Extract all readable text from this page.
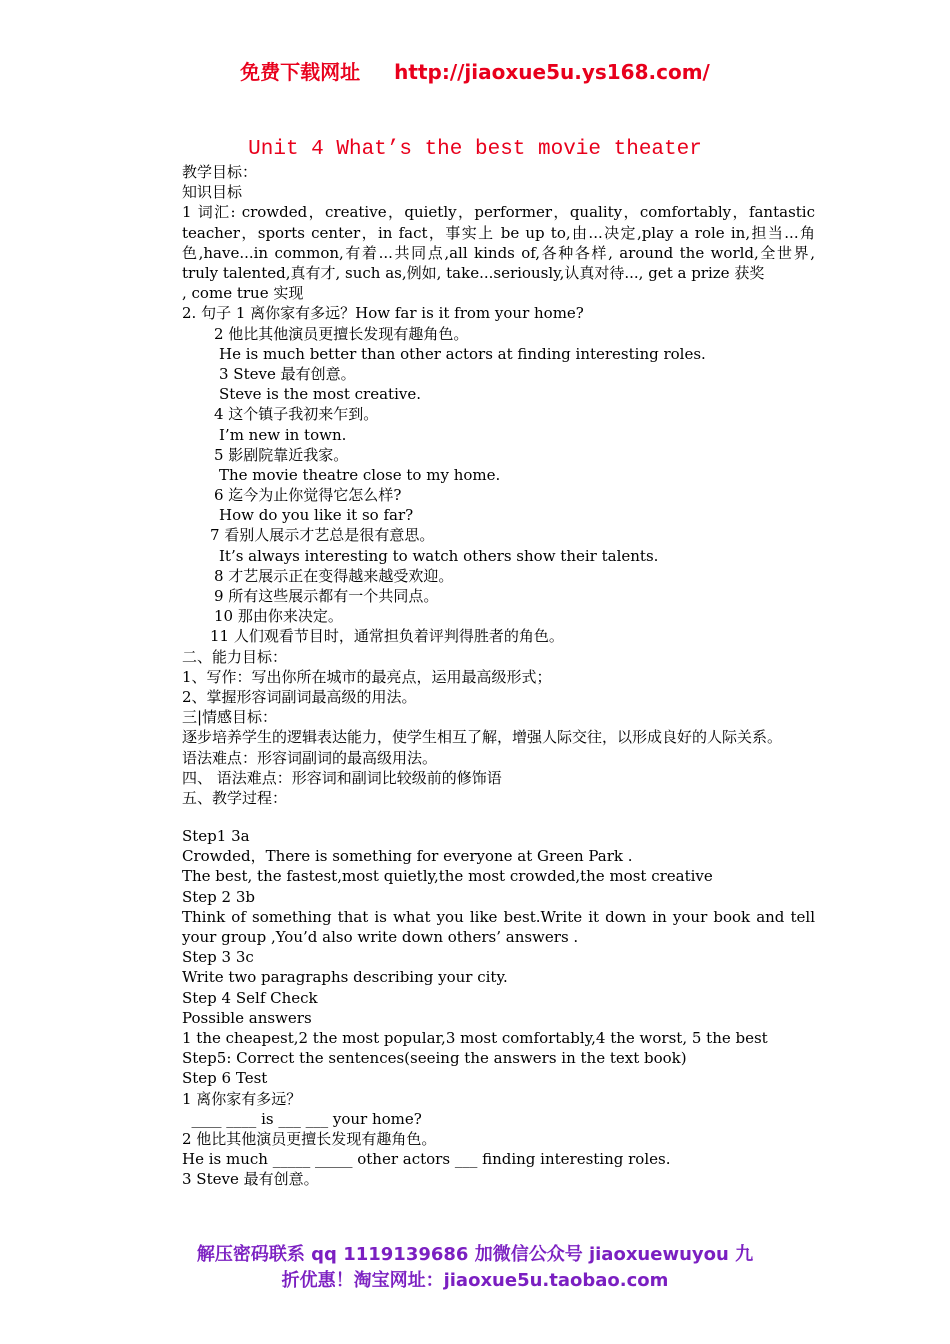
免费下载网址 http://jiaoxue5u.ys168.com/
Unit 4 What’s the best movie theater
教学目标：
知识目标
1 词汇: crowded，creative，quietly，performer，quality，comfortably，fantastic teacher，sports center，in fact，事实上 be up to,由...决定,play a role in,担当...角色,have...in common,有着...共同点,all kinds of,各种各样, around the world,全世界, truly talented,真有才, such as,例如, take...seriously,认真对待..., get a prize 获奖
, come true 实现
2. 句子 1 离你家有多远？How far is it from your home?
2 他比其他演员更擅长发现有趣角色。
He is much better than other actors at finding interesting roles.
3 Steve 最有创意。
Steve is the most creative.
4 这个镇子我初来乍到。
I’m new in town.
5 影剧院靠近我家。
The movie theatre close to my home.
6 迄今为止你觉得它怎么样?
How do you like it so far?
7 看别人展示才艺总是很有意思。
It’s always interesting to watch others show their talents.
8 才艺展示正在变得越来越受欢迎。
9 所有这些展示都有一个共同点。
10 那由你来决定。
11 人们观看节目时，通常担负着评判得胜者的角色。
二、能力目标：
1、写作：写出你所在城市的最亮点，运用最高级形式；
2、掌握形容词副词最高级的用法。
三|情感目标：
逐步培养学生的逻辑表达能力，使学生相互了解，增强人际交往，以形成良好的人际关系。
语法难点：形容词副词的最高级用法。
四、 语法难点：形容词和副词比较级前的修饰语
五、教学过程：
Step1 3a
Crowded，There is something for everyone at Green Park .
The best, the fastest,most quietly,the most crowded,the most creative
Step 2 3b
Think of something that is what you like best.Write it down in your book and tell your group ,You’d also write down others’ answers .
Step 3 3c
Write two paragraphs describing your city.
Step 4 Self Check
Possible answers
1 the cheapest,2 the most popular,3 most comfortably,4 the worst, 5 the best
Step5: Correct the sentences(seeing the answers in the text book)
Step 6 Test
1 离你家有多远？
____ ____ is ___ ___ your home?
2 他比其他演员更擅长发现有趣角色。
He is much _____ _____ other actors ___ finding interesting roles.
3 Steve 最有创意。
解压密码联系 qq 1119139686 加微信公众号 jiaoxuewuyou 九
折优惠！淘宝网址：jiaoxue5u.taobao.com
